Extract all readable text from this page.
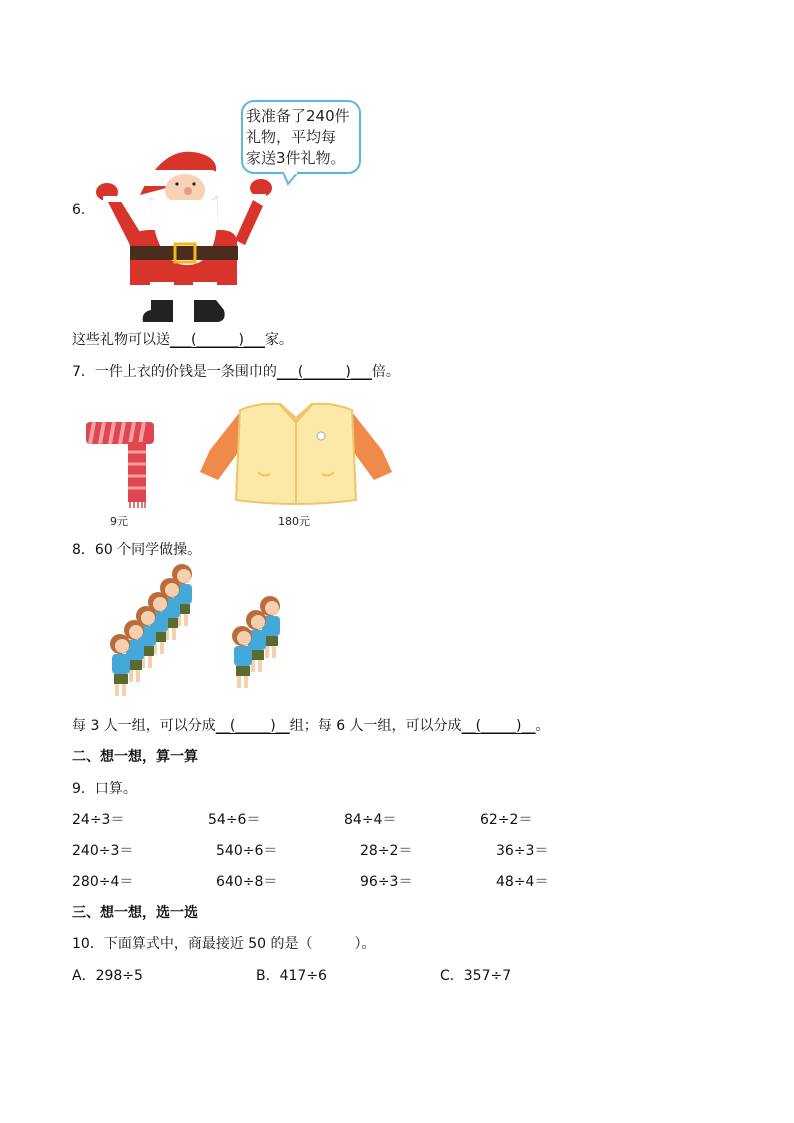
6.
我准备了240件
礼物，平均每
家送3件礼物。
这些礼物可以送___(______)___家。
7．一件上衣的价钱是一条围巾的___(______)___倍。
9元	180元
8．60 个同学做操。
每 3 人一组，可以分成__(_____)__组；每 6 人一组，可以分成__(_____)__。
二、想一想，算一算
9．口算。
24÷3＝	54÷6＝	84÷4＝	62÷2＝
240÷3＝	540÷6＝	28÷2＝	36÷3＝
280÷4＝	640÷8＝	96÷3＝	48÷4＝
三、想一想，选一选
10．下面算式中，商最接近 50 的是（　　　）。
A．298÷5	B．417÷6	C．357÷7
